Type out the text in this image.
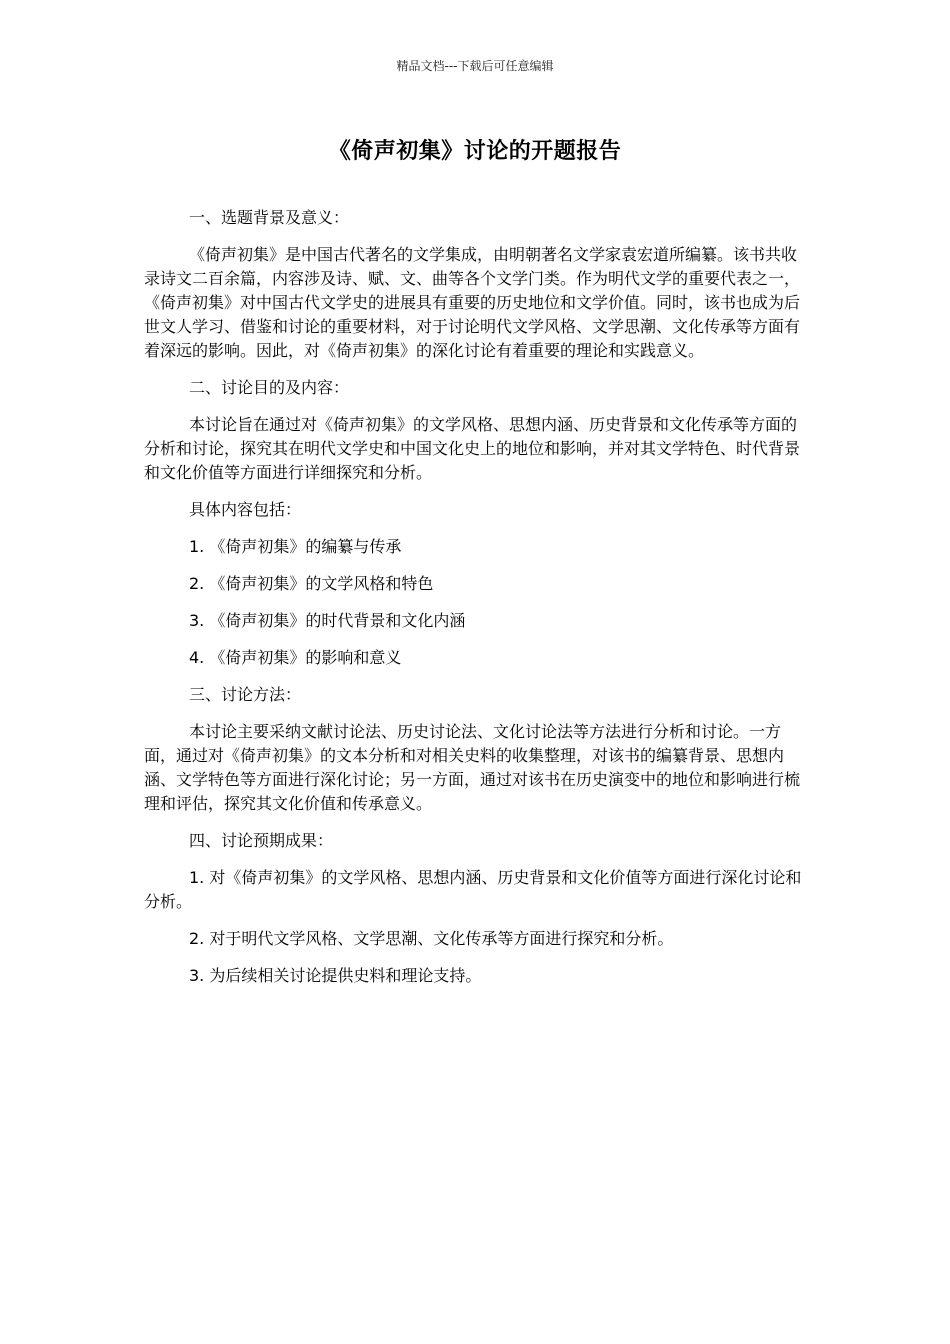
精品文档---下载后可任意编辑
《倚声初集》讨论的开题报告

一、选题背景及意义：

《倚声初集》是中国古代著名的文学集成，由明朝著名文学家袁宏道所编纂。该书共收录诗文二百余篇，内容涉及诗、赋、文、曲等各个文学门类。作为明代文学的重要代表之一，《倚声初集》对中国古代文学史的进展具有重要的历史地位和文学价值。同时，该书也成为后世文人学习、借鉴和讨论的重要材料，对于讨论明代文学风格、文学思潮、文化传承等方面有着深远的影响。因此，对《倚声初集》的深化讨论有着重要的理论和实践意义。

二、讨论目的及内容：

本讨论旨在通过对《倚声初集》的文学风格、思想内涵、历史背景和文化传承等方面的分析和讨论，探究其在明代文学史和中国文化史上的地位和影响，并对其文学特色、时代背景和文化价值等方面进行详细探究和分析。

具体内容包括：

1. 《倚声初集》的编纂与传承

2. 《倚声初集》的文学风格和特色

3. 《倚声初集》的时代背景和文化内涵

4. 《倚声初集》的影响和意义

三、讨论方法：

本讨论主要采纳文献讨论法、历史讨论法、文化讨论法等方法进行分析和讨论。一方面，通过对《倚声初集》的文本分析和对相关史料的收集整理，对该书的编纂背景、思想内涵、文学特色等方面进行深化讨论；另一方面，通过对该书在历史演变中的地位和影响进行梳理和评估，探究其文化价值和传承意义。

四、讨论预期成果：

1. 对《倚声初集》的文学风格、思想内涵、历史背景和文化价值等方面进行深化讨论和分析。

2. 对于明代文学风格、文学思潮、文化传承等方面进行探究和分析。

3. 为后续相关讨论提供史料和理论支持。
